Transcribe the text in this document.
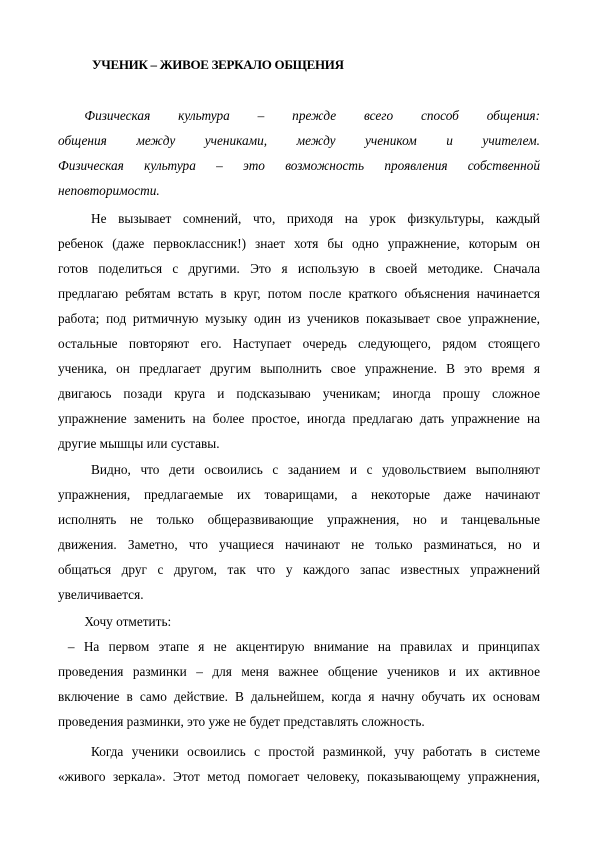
УЧЕНИК – ЖИВОЕ ЗЕРКАЛО ОБЩЕНИЯ
Физическая культура – прежде всего способ общения:
общения между учениками, между учеником и учителем.
Физическая культура – это возможность проявления собственной
неповторимости.
Не вызывает сомнений, что, приходя на урок физкультуры, каждый
ребенок (даже первоклассник!) знает хотя бы одно упражнение, которым он
готов поделиться с другими. Это я использую в своей методике. Сначала
предлагаю ребятам встать в круг, потом после краткого объяснения начинается
работа; под ритмичную музыку один из учеников показывает свое упражнение,
остальные повторяют его. Наступает очередь следующего, рядом стоящего
ученика, он предлагает другим выполнить свое упражнение. В это время я
двигаюсь позади круга и подсказываю ученикам; иногда прошу сложное
упражнение заменить на более простое, иногда предлагаю дать упражнение на
другие мышцы или суставы.
Видно, что дети освоились с заданием и с удовольствием выполняют
упражнения, предлагаемые их товарищами, а некоторые даже начинают
исполнять не только общеразвивающие упражнения, но и танцевальные
движения. Заметно, что учащиеся начинают не только разминаться, но и
общаться друг с другом, так что у каждого запас известных упражнений
увеличивается.
Хочу отметить:
– На первом этапе я не акцентирую внимание на правилах и принципах
проведения разминки – для меня важнее общение учеников и их активное
включение в само действие. В дальнейшем, когда я начну обучать их основам
проведения разминки, это уже не будет представлять сложность.
Когда ученики освоились с простой разминкой, учу работать в системе
«живого зеркала». Этот метод помогает человеку, показывающему упражнения,
